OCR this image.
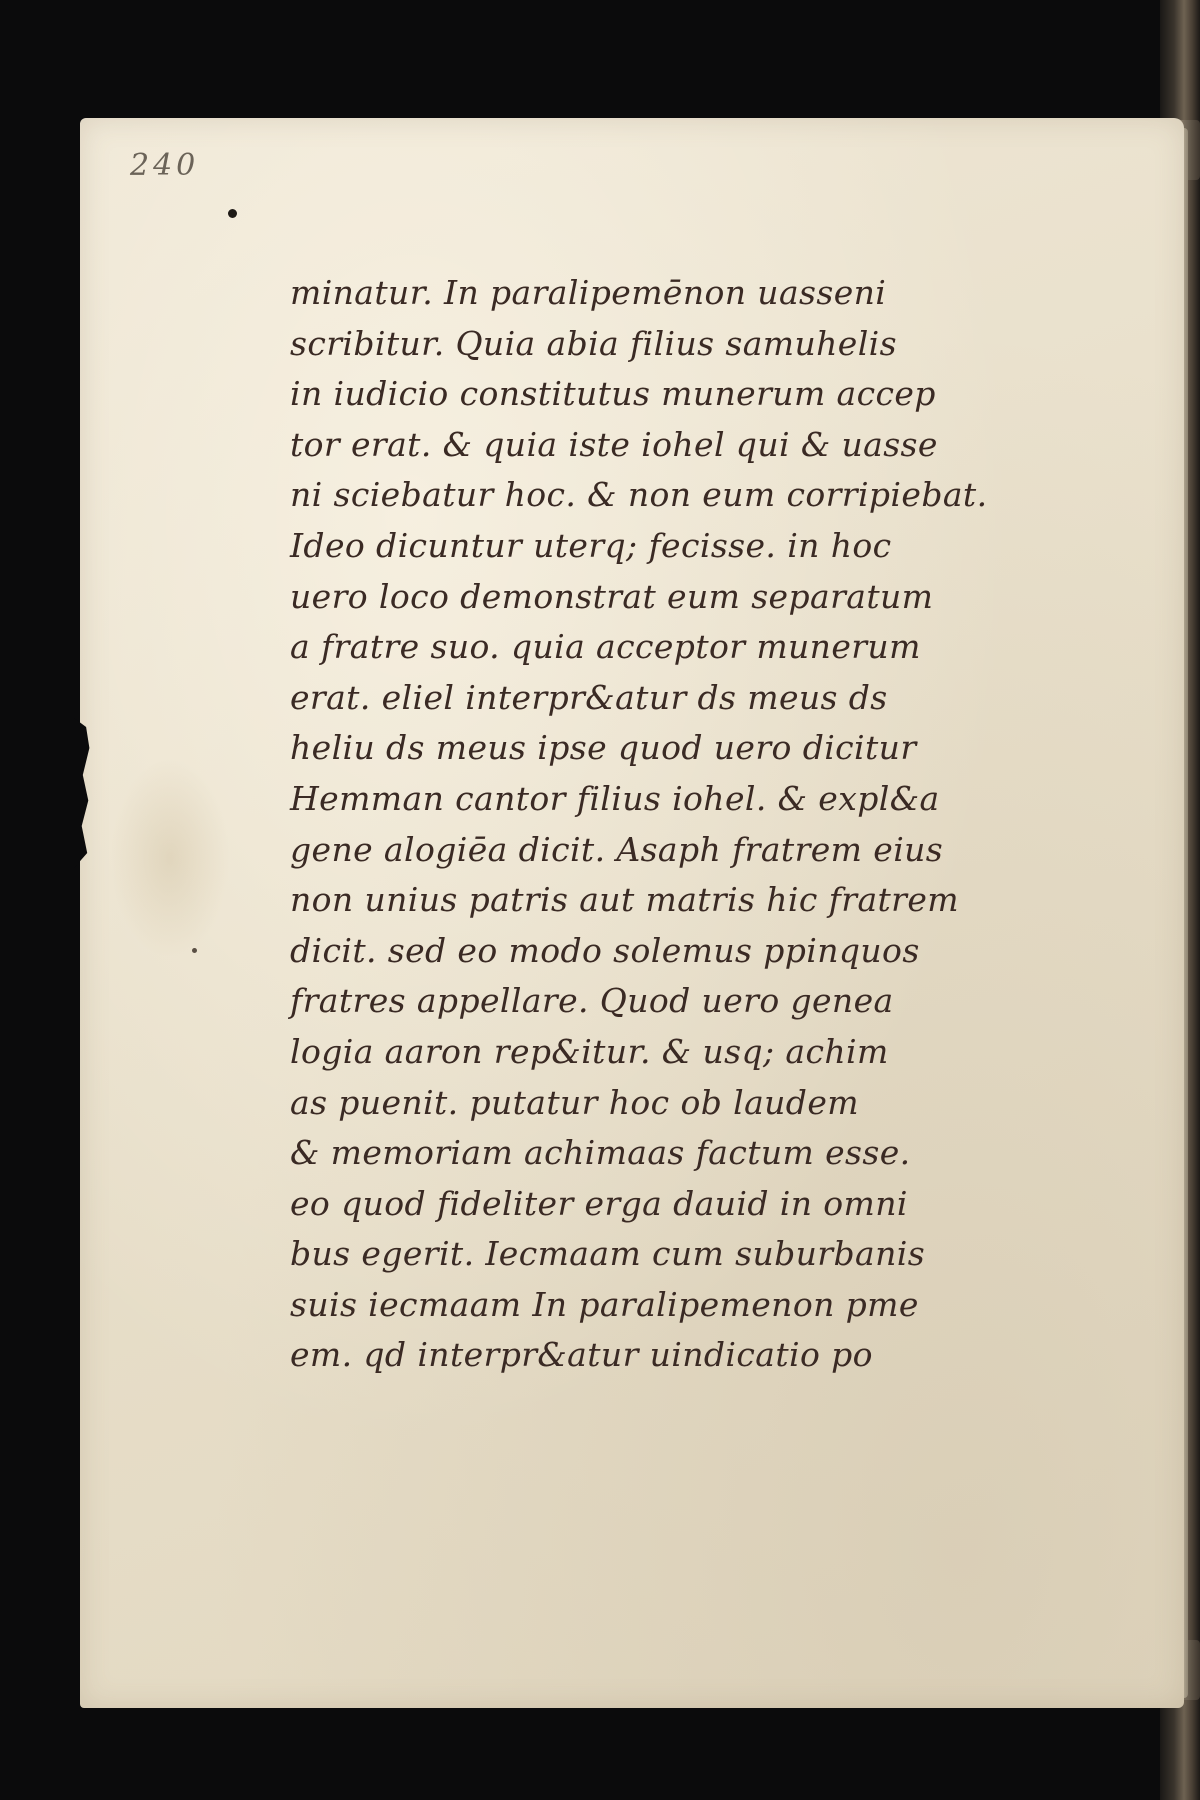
240
minatur. In paralipemēnon uasseni
scribitur. Quia abia filius samuhelis
in iudicio constitutus munerum accep
tor erat. & quia iste iohel qui & uasse
ni sciebatur hoc. & non eum corripiebat.
Ideo dicuntur uterq; fecisse. in hoc
uero loco demonstrat eum separatum
a fratre suo. quia acceptor munerum
erat. eliel interpr&atur ds meus ds
heliu ds meus ipse quod uero dicitur
Hemman cantor filius iohel. & expl&a
gene alogiēa dicit. Asaph fratrem eius
non unius patris aut matris hic fratrem
dicit. sed eo modo solemus ppinquos
fratres appellare. Quod uero genea
logia aaron rep&itur. & usq; achim
as puenit. putatur hoc ob laudem
& memoriam achimaas factum esse.
eo quod fideliter erga dauid in omni
bus egerit. Iecmaam cum suburbanis
suis iecmaam In paralipemenon pme
em. qd interpr&atur uindicatio po
